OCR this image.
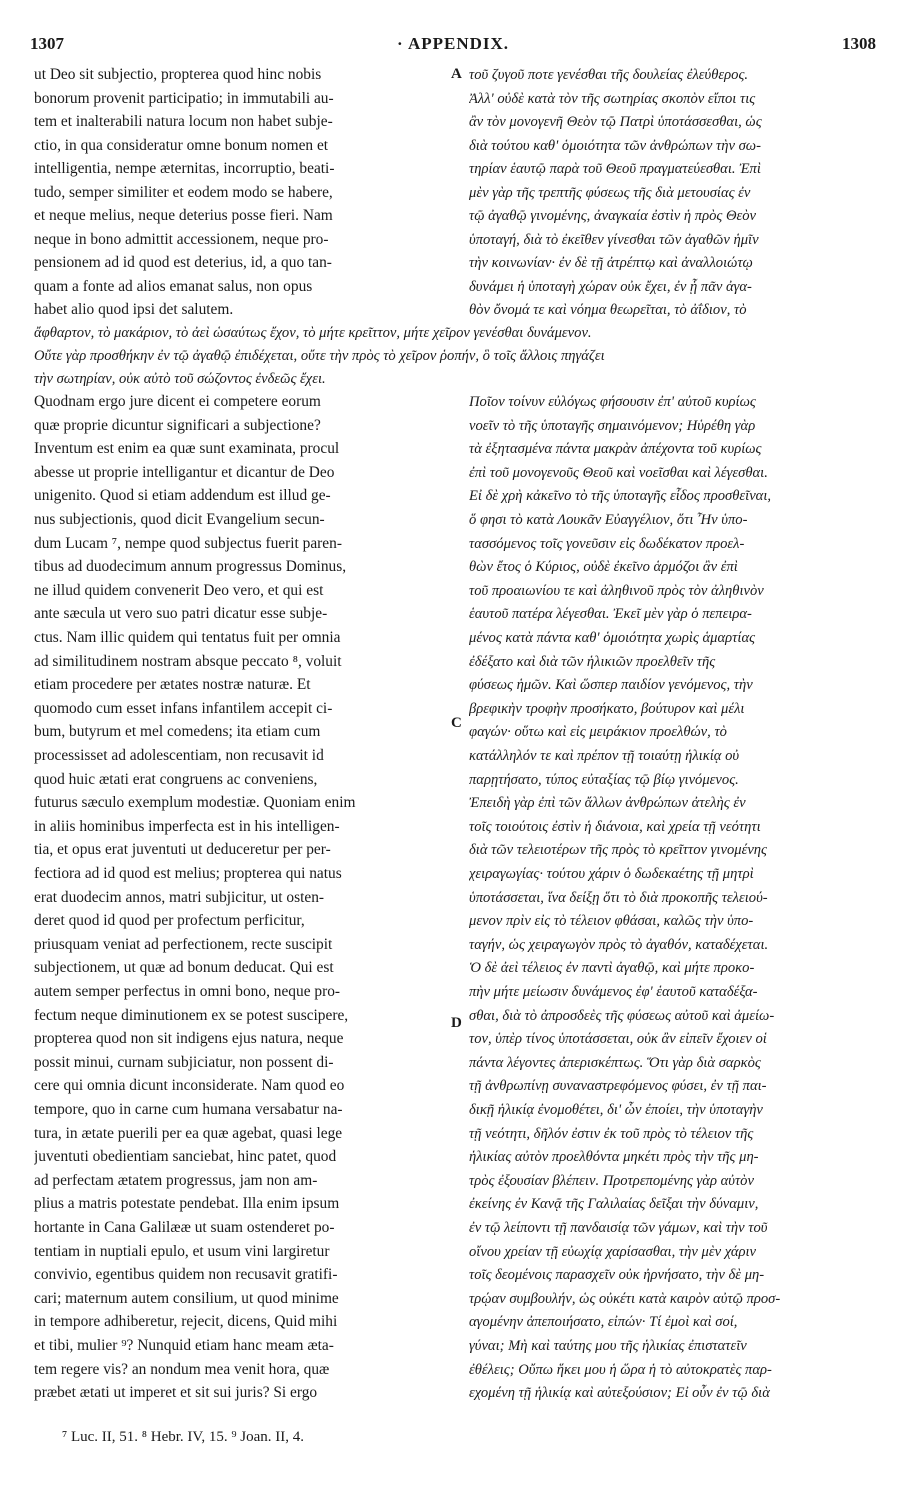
1307	· APPENDIX.	1308
ut Deo sit subjectio, propterea quod hinc nobis
bonorum provenit participatio; in immutabili au-
tem et inalterabili natura locum non habet subje-
ctio, in qua consideratur omne bonum nomen et
intelligentia, nempe æternitas, incorruptio, beati-
tudo, semper similiter et eodem modo se habere,
et neque melius, neque deterius posse fieri. Nam
neque in bono admittit accessionem, neque pro-
pensionem ad id quod est deterius, id, a quo tan-
quam a fonte ad alios emanat salus, non opus
habet alio quod ipsi det salutem.
τοῦ ζυγοῦ ποτε γενέσθαι τῆς δουλείας ἐλεύθερος.
Ἀλλ' οὐδὲ κατὰ τὸν τῆς σωτηρίας σκοπὸν εἴποι τις
ἂν τὸν μονογενῆ Θεὸν τῷ Πατρὶ ὑποτάσσεσθαι, ὡς
διὰ τούτου καθ' ὁμοιότητα τῶν ἀνθρώπων τὴν σω-
τηρίαν ἑαυτῷ παρὰ τοῦ Θεοῦ πραγματεύεσθαι. Ἐπὶ
μὲν γὰρ τῆς τρεπτῆς φύσεως τῆς διὰ μετουσίας ἐν
τῷ ἀγαθῷ γινομένης, ἀναγκαία ἐστὶν ἡ πρὸς Θεὸν
ὑποταγή, διὰ τὸ ἐκεῖθεν γίνεσθαι τῶν ἀγαθῶν ἡμῖν
τὴν κοινωνίαν· ἐν δὲ τῇ ἀτρέπτῳ καὶ ἀναλλοιώτῳ
δυνάμει ἡ ὑποταγὴ χώραν οὐκ ἔχει, ἐν ᾗ πᾶν ἀγα-
θὸν ὄνομά τε καὶ νόημα θεωρεῖται, τὸ ἀΐδιον, τὸ
ἄφθαρτον, τὸ μακάριον, τὸ ἀεὶ ὡσαύτως ἔχον, τὸ μήτε κρεῖττον, μήτε χεῖρον γενέσθαι δυνάμενον.
Οὔτε γὰρ προσθήκην ἐν τῷ ἀγαθῷ ἐπιδέχεται, οὔτε τὴν πρὸς τὸ χεῖρον ῥοπήν, ὃ τοῖς ἄλλοις πηγάζει
τὴν σωτηρίαν, οὐκ αὐτὸ τοῦ σώζοντος ἐνδεῶς ἔχει.
Quodnam ergo jure dicent ei competere eorum
quæ proprie dicuntur significari a subjectione?
Inventum est enim ea quæ sunt examinata, procul
abesse ut proprie intelligantur et dicantur de Deo
unigenito. Quod si etiam addendum est illud ge-
nus subjectionis, quod dicit Evangelium secun-
dum Lucam ⁷, nempe quod subjectus fuerit paren-
tibus ad duodecimum annum progressus Dominus,
ne illud quidem convenerit Deo vero, et qui est
ante sæcula ut vero suo patri dicatur esse subje-
ctus. Nam illic quidem qui tentatus fuit per omnia
ad similitudinem nostram absque peccato ⁸, voluit
etiam procedere per ætates nostræ naturæ. Et
quomodo cum esset infans infantilem accepit ci-
bum, butyrum et mel comedens; ita etiam cum
processisset ad adolescentiam, non recusavit id
quod huic ætati erat congruens ac conveniens,
futurus sæculo exemplum modestiæ. Quoniam enim
in aliis hominibus imperfecta est in his intelligen-
tia, et opus erat juventuti ut deduceretur per per-
fectiora ad id quod est melius; propterea qui natus
erat duodecim annos, matri subjicitur, ut osten-
deret quod id quod per profectum perficitur,
priusquam veniat ad perfectionem, recte suscipit
subjectionem, ut quæ ad bonum deducat. Qui est
autem semper perfectus in omni bono, neque pro-
fectum neque diminutionem ex se potest suscipere,
propterea quod non sit indigens ejus natura, neque
possit minui, curnam subjiciatur, non possent di-
cere qui omnia dicunt inconsiderate. Nam quod eo
tempore, quo in carne cum humana versabatur na-
tura, in ætate puerili per ea quæ agebat, quasi lege
juventuti obedientiam sanciebat, hinc patet, quod
ad perfectam ætatem progressus, jam non am-
plius a matris potestate pendebat. Illa enim ipsum
hortante in Cana Galilææ ut suam ostenderet po-
tentiam in nuptiali epulo, et usum vini largiretur
convivio, egentibus quidem non recusavit gratifi-
cari; maternum autem consilium, ut quod minime
in tempore adhiberetur, rejecit, dicens, Quid mihi
et tibi, mulier ⁹? Nunquid etiam hanc meam æta-
tem regere vis? an nondum mea venit hora, quæ
præbet ætati ut imperet et sit sui juris? Si ergo
Ποῖον τοίνυν εὐλόγως φήσουσιν ἐπ' αὐτοῦ κυρίως
νοεῖν τὸ τῆς ὑποταγῆς σημαινόμενον; Ηὑρέθη γὰρ
τὰ ἐξητασμένα πάντα μακρὰν ἀπέχοντα τοῦ κυρίως
ἐπὶ τοῦ μονογενοῦς Θεοῦ καὶ νοεῖσθαι καὶ λέγεσθαι.
Εἰ δὲ χρὴ κἀκεῖνο τὸ τῆς ὑποταγῆς εἶδος προσθεῖναι,
ὅ φησι τὸ κατὰ Λουκᾶν Εὐαγγέλιον, ὅτι Ἦν ὑπο-
τασσόμενος τοῖς γονεῦσιν εἰς δωδέκατον προελ-
θὼν ἔτος ὁ Κύριος, οὐδὲ ἐκεῖνο ἁρμόζοι ἂν ἐπὶ
τοῦ προαιωνίου τε καὶ ἀληθινοῦ πρὸς τὸν ἀληθινὸν
ἑαυτοῦ πατέρα λέγεσθαι. Ἐκεῖ μὲν γὰρ ὁ πεπειρα-
μένος κατὰ πάντα καθ' ὁμοιότητα χωρὶς ἁμαρτίας
ἐδέξατο καὶ διὰ τῶν ἡλικιῶν προελθεῖν τῆς
φύσεως ἡμῶν. Καὶ ὥσπερ παιδίον γενόμενος, τὴν
βρεφικὴν τροφὴν προσήκατο, βούτυρον καὶ μέλι
φαγών· οὕτω καὶ εἰς μειράκιον προελθών, τὸ
κατάλληλόν τε καὶ πρέπον τῇ τοιαύτῃ ἡλικίᾳ οὐ
παρῃτήσατο, τύπος εὐταξίας τῷ βίῳ γινόμενος.
Ἐπειδὴ γὰρ ἐπὶ τῶν ἄλλων ἀνθρώπων ἀτελὴς ἐν
τοῖς τοιούτοις ἐστὶν ἡ διάνοια, καὶ χρεία τῇ νεότητι
διὰ τῶν τελειοτέρων τῆς πρὸς τὸ κρεῖττον γινομένης
χειραγωγίας· τούτου χάριν ὁ δωδεκαέτης τῇ μητρὶ
ὑποτάσσεται, ἵνα δείξῃ ὅτι τὸ διὰ προκοπῆς τελειού-
μενον πρὶν εἰς τὸ τέλειον φθάσαι, καλῶς τὴν ὑπο-
ταγήν, ὡς χειραγωγὸν πρὸς τὸ ἀγαθόν, καταδέχεται.
Ὁ δὲ ἀεὶ τέλειος ἐν παντὶ ἀγαθῷ, καὶ μήτε προκο-
πὴν μήτε μείωσιν δυνάμενος ἐφ' ἑαυτοῦ καταδέξα-
σθαι, διὰ τὸ ἀπροσδεὲς τῆς φύσεως αὐτοῦ καὶ ἀμείω-
τον, ὑπὲρ τίνος ὑποτάσσεται, οὐκ ἂν εἰπεῖν ἔχοιεν οἱ
πάντα λέγοντες ἀπερισκέπτως. Ὅτι γὰρ διὰ σαρκὸς
τῇ ἀνθρωπίνῃ συναναστρεφόμενος φύσει, ἐν τῇ παι-
δικῇ ἡλικίᾳ ἐνομοθέτει, δι' ὧν ἐποίει, τὴν ὑποταγὴν
τῇ νεότητι, δῆλόν ἐστιν ἐκ τοῦ πρὸς τὸ τέλειον τῆς
ἡλικίας αὐτὸν προελθόντα μηκέτι πρὸς τὴν τῆς μη-
τρὸς ἐξουσίαν βλέπειν. Προτρεπομένης γὰρ αὐτὸν
ἐκείνης ἐν Κανᾷ τῆς Γαλιλαίας δεῖξαι τὴν δύναμιν,
ἐν τῷ λείποντι τῇ πανδαισίᾳ τῶν γάμων, καὶ τὴν τοῦ
οἴνου χρείαν τῇ εὐωχίᾳ χαρίσασθαι, τὴν μὲν χάριν
τοῖς δεομένοις παρασχεῖν οὐκ ἠρνήσατο, τὴν δὲ μη-
τρῴαν συμβουλήν, ὡς οὐκέτι κατὰ καιρὸν αὐτῷ προσ-
αγομένην ἀπεποιήσατο, εἰπών· Τί ἐμοὶ καὶ σοί,
γύναι; Μὴ καὶ ταύτης μου τῆς ἡλικίας ἐπιστατεῖν
ἐθέλεις; Οὔπω ἥκει μου ἡ ὥρα ἡ τὸ αὐτοκρατὲς παρ-
εχομένη τῇ ἡλικίᾳ καὶ αὐτεξούσιον; Εἰ οὖν ἐν τῷ διὰ
A
C
D
⁷ Luc. II, 51. ⁸ Hebr. IV, 15. ⁹ Joan. II, 4.
